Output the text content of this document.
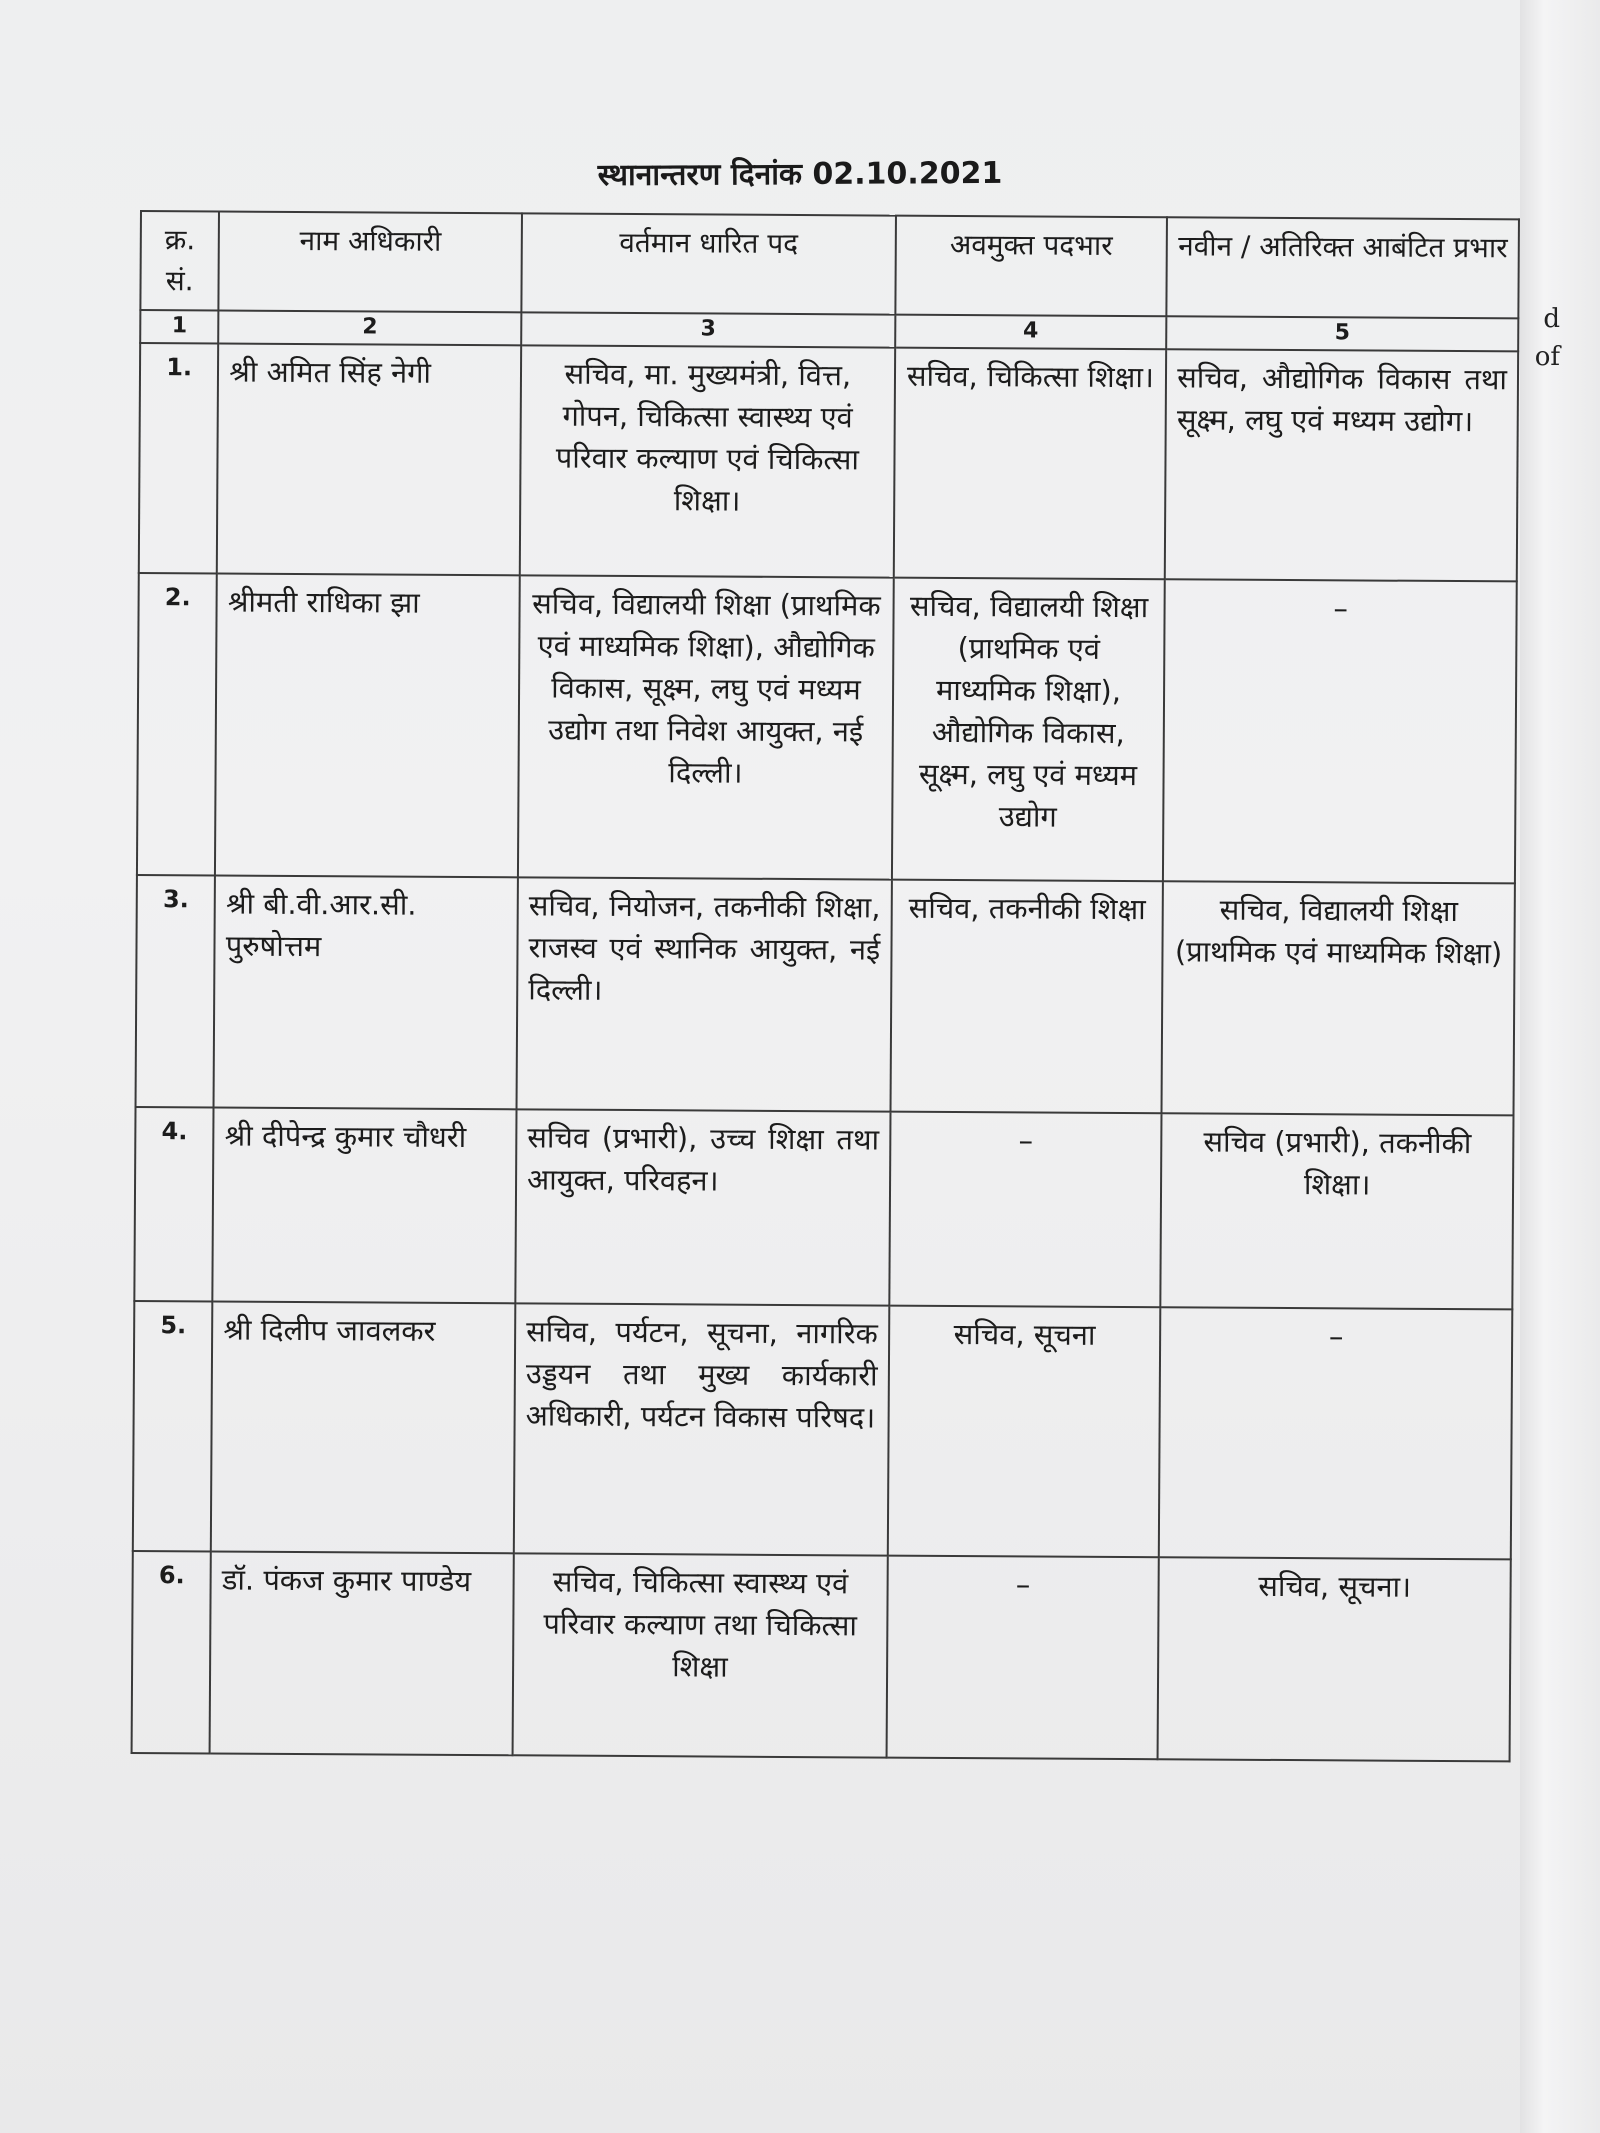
d
of
स्थानान्तरण दिनांक 02.10.2021
क्र. सं.	नाम अधिकारी	वर्तमान धारित पद	अवमुक्त पदभार	नवीन / अतिरिक्त आबंटित प्रभार
1	2	3	4	5
1.	श्री अमित सिंह नेगी	सचिव, मा. मुख्यमंत्री, वित्त, गोपन, चिकित्सा स्वास्थ्य एवं परिवार कल्याण एवं चिकित्सा शिक्षा।	सचिव, चिकित्सा शिक्षा।	सचिव, औद्योगिक विकास तथा सूक्ष्म, लघु एवं मध्यम उद्योग।
2.	श्रीमती राधिका झा	सचिव, विद्यालयी शिक्षा (प्राथमिक एवं माध्यमिक शिक्षा), औद्योगिक विकास, सूक्ष्म, लघु एवं मध्यम उद्योग तथा निवेश आयुक्त, नई दिल्ली।	सचिव, विद्यालयी शिक्षा (प्राथमिक एवं माध्यमिक शिक्षा), औद्योगिक विकास, सूक्ष्म, लघु एवं मध्यम उद्योग	–
3.	श्री बी.वी.आर.सी. पुरुषोत्तम	सचिव, नियोजन, तकनीकी शिक्षा, राजस्व एवं स्थानिक आयुक्त, नई दिल्ली।	सचिव, तकनीकी शिक्षा	सचिव, विद्यालयी शिक्षा (प्राथमिक एवं माध्यमिक शिक्षा)
4.	श्री दीपेन्द्र कुमार चौधरी	सचिव (प्रभारी), उच्च शिक्षा तथा आयुक्त, परिवहन।	–	सचिव (प्रभारी), तकनीकी शिक्षा।
5.	श्री दिलीप जावलकर	सचिव, पर्यटन, सूचना, नागरिक उड्डयन तथा मुख्य कार्यकारी अधिकारी, पर्यटन विकास परिषद।	सचिव, सूचना	–
6.	डॉ. पंकज कुमार पाण्डेय	सचिव, चिकित्सा स्वास्थ्य एवं परिवार कल्याण तथा चिकित्सा शिक्षा	–	सचिव, सूचना।
